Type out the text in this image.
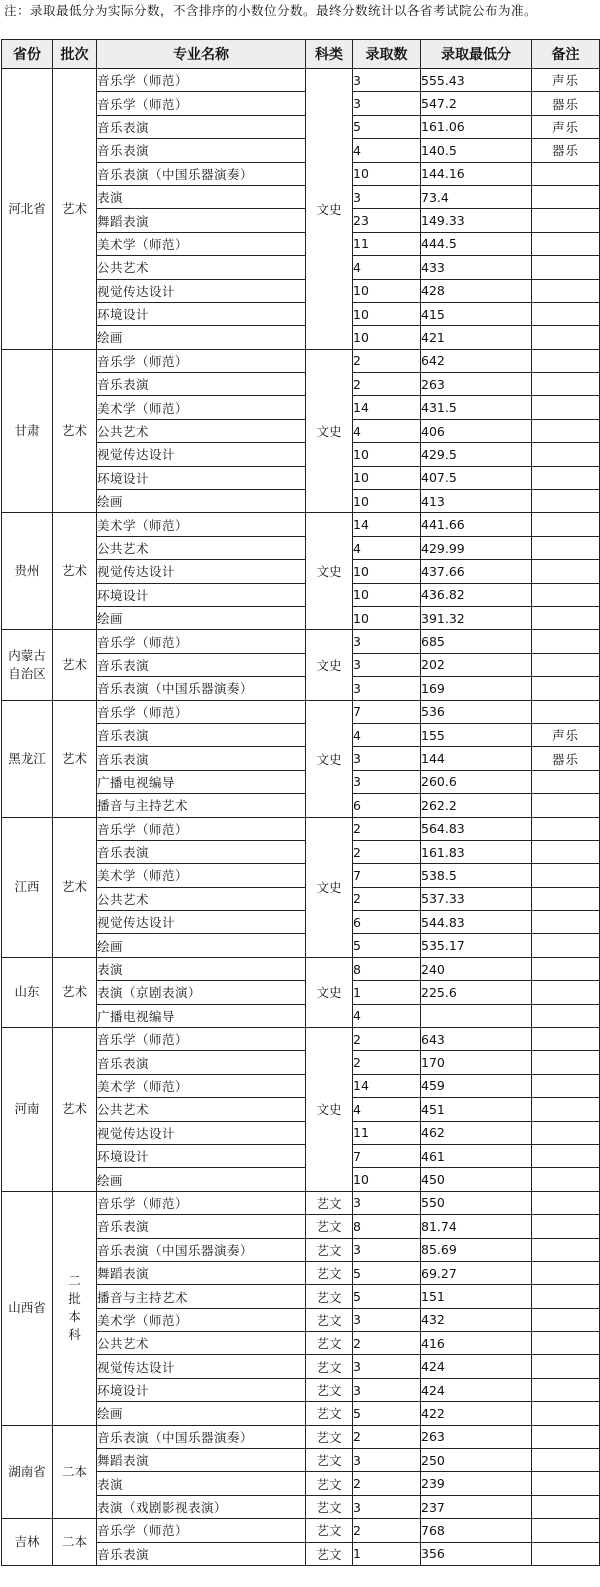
注：录取最低分为实际分数，不含排序的小数位分数。最终分数统计以各省考试院公布为准。
省份	批次	专业名称	科类	录取数	录取最低分	备注
河北省	艺术	音乐学（师范）	文史	3	555.43	声乐
		音乐学（师范）		3	547.2	器乐
		音乐表演		5	161.06	声乐
		音乐表演		4	140.5	器乐
		音乐表演（中国乐器演奏）		10	144.16	
		表演		3	73.4	
		舞蹈表演		23	149.33	
		美术学（师范）		11	444.5	
		公共艺术		4	433	
		视觉传达设计		10	428	
		环境设计		10	415	
		绘画		10	421	
甘肃	艺术	音乐学（师范）	文史	2	642	
		音乐表演		2	263	
		美术学（师范）		14	431.5	
		公共艺术		4	406	
		视觉传达设计		10	429.5	
		环境设计		10	407.5	
		绘画		10	413	
贵州	艺术	美术学（师范）	文史	14	441.66	
		公共艺术		4	429.99	
		视觉传达设计		10	437.66	
		环境设计		10	436.82	
		绘画		10	391.32	
内蒙古自治区	艺术	音乐学（师范）	文史	3	685	
		音乐表演		3	202	
		音乐表演（中国乐器演奏）		3	169	
黑龙江	艺术	音乐学（师范）	文史	7	536	
		音乐表演		4	155	声乐
		音乐表演		3	144	器乐
		广播电视编导		3	260.6	
		播音与主持艺术		6	262.2	
江西	艺术	音乐学（师范）	文史	2	564.83	
		音乐表演		2	161.83	
		美术学（师范）		7	538.5	
		公共艺术		2	537.33	
		视觉传达设计		6	544.83	
		绘画		5	535.17	
山东	艺术	表演	文史	8	240	
		表演（京剧表演）		1	225.6	
		广播电视编导		4		
河南	艺术	音乐学（师范）	文史	2	643	
		音乐表演		2	170	
		美术学（师范）		14	459	
		公共艺术		4	451	
		视觉传达设计		11	462	
		环境设计		7	461	
		绘画		10	450	
山西省	二批本科	音乐学（师范）	艺文	3	550	
		音乐表演	艺文	8	81.74	
		音乐表演（中国乐器演奏）	艺文	3	85.69	
		舞蹈表演	艺文	5	69.27	
		播音与主持艺术	艺文	5	151	
		美术学（师范）	艺文	3	432	
		公共艺术	艺文	2	416	
		视觉传达设计	艺文	3	424	
		环境设计	艺文	3	424	
		绘画	艺文	5	422	
湖南省	二本	音乐表演（中国乐器演奏）	艺文	2	263	
		舞蹈表演	艺文	3	250	
		表演	艺文	2	239	
		表演（戏剧影视表演）	艺文	3	237	
吉林	二本	音乐学（师范）	艺文	2	768	
		音乐表演	艺文	1	356	
